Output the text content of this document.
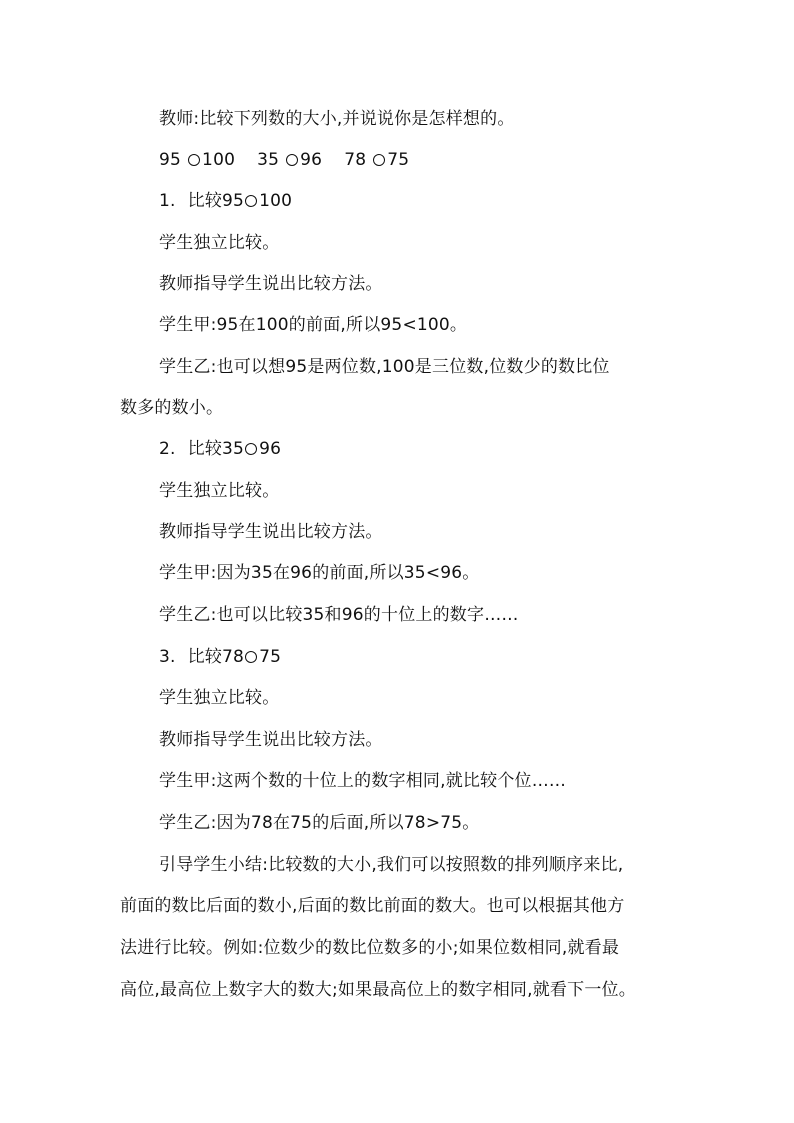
教师:比较下列数的大小,并说说你是怎样想的。
95 100 35 96 78 75
1. 比较95 100
学生独立比较。
教师指导学生说出比较方法。
学生甲:95在100的前面,所以95<100。
学生乙:也可以想95是两位数,100是三位数,位数少的数比位
数多的数小。
2. 比较35 96
学生独立比较。
教师指导学生说出比较方法。
学生甲:因为35在96的前面,所以35<96。
学生乙:也可以比较35和96的十位上的数字……
3. 比较78 75
学生独立比较。
教师指导学生说出比较方法。
学生甲:这两个数的十位上的数字相同,就比较个位……
学生乙:因为78在75的后面,所以78>75。
引导学生小结:比较数的大小,我们可以按照数的排列顺序来比,
前面的数比后面的数小,后面的数比前面的数大。也可以根据其他方
法进行比较。例如:位数少的数比位数多的小;如果位数相同,就看最
高位,最高位上数字大的数大;如果最高位上的数字相同,就看下一位。
